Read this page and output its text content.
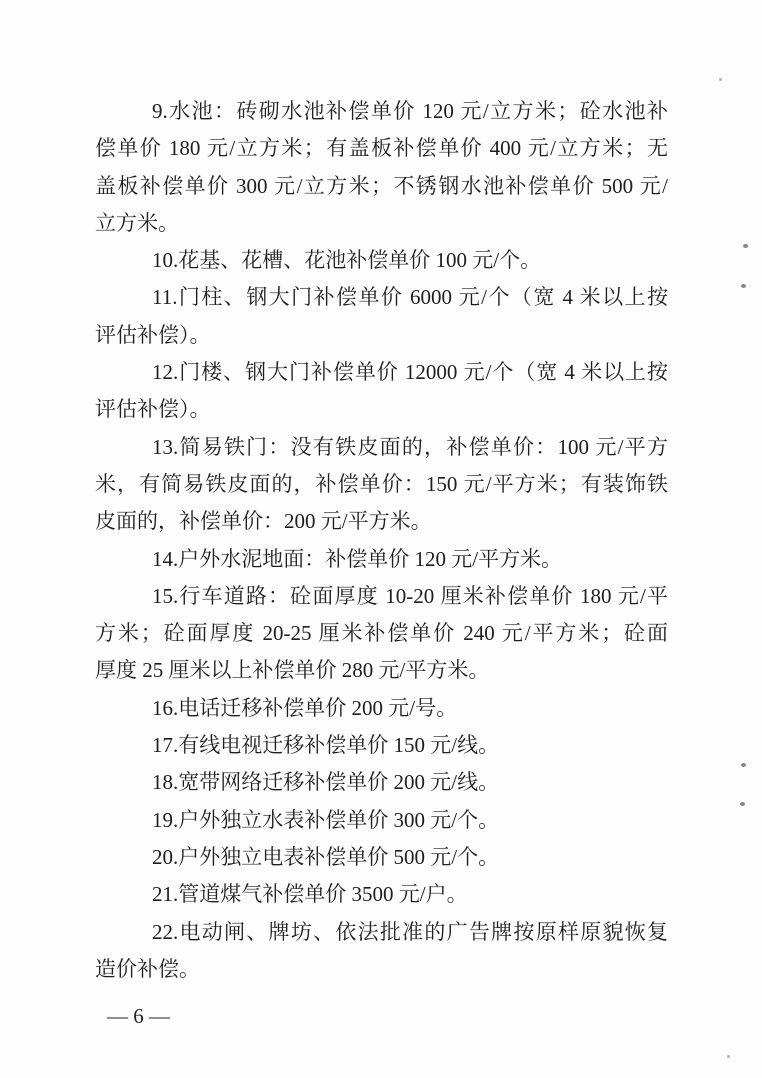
9.水池：砖砌水池补偿单价 120 元/立方米；砼水池补
偿单价 180 元/立方米；有盖板补偿单价 400 元/立方米；无
盖板补偿单价 300 元/立方米；不锈钢水池补偿单价 500 元/
立方米。
10.花基、花槽、花池补偿单价 100 元/个。
11.门柱、钢大门补偿单价 6000 元/个（宽 4 米以上按
评估补偿）。
12.门楼、钢大门补偿单价 12000 元/个（宽 4 米以上按
评估补偿）。
13.简易铁门：没有铁皮面的，补偿单价：100 元/平方
米，有简易铁皮面的，补偿单价：150 元/平方米；有装饰铁
皮面的，补偿单价：200 元/平方米。
14.户外水泥地面：补偿单价 120 元/平方米。
15.行车道路：砼面厚度 10-20 厘米补偿单价 180 元/平
方米；砼面厚度 20-25 厘米补偿单价 240 元/平方米；砼面
厚度 25 厘米以上补偿单价 280 元/平方米。
16.电话迁移补偿单价 200 元/号。
17.有线电视迁移补偿单价 150 元/线。
18.宽带网络迁移补偿单价 200 元/线。
19.户外独立水表补偿单价 300 元/个。
20.户外独立电表补偿单价 500 元/个。
21.管道煤气补偿单价 3500 元/户。
22.电动闸、牌坊、依法批准的广告牌按原样原貌恢复
造价补偿。
— 6 —
